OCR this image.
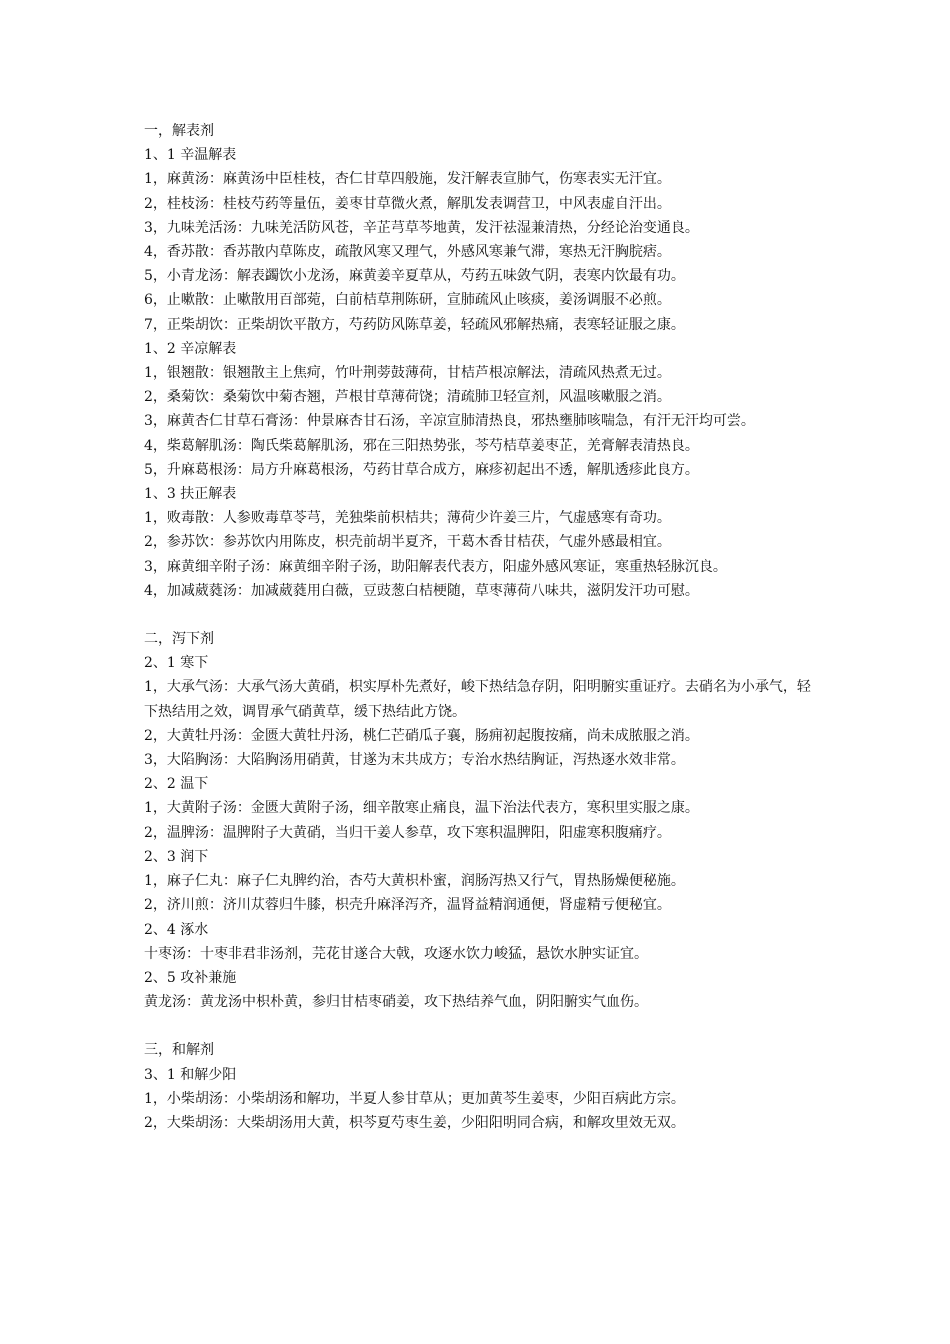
一，解表剂
1、1 辛温解表
1，麻黄汤：麻黄汤中臣桂枝，杏仁甘草四般施，发汗解表宣肺气，伤寒表实无汗宜。
2，桂枝汤：桂枝芍药等量伍，姜枣甘草微火煮，解肌发表调营卫，中风表虚自汗出。
3，九味羌活汤：九味羌活防风苍，辛芷芎草芩地黄，发汗祛湿兼清热，分经论治变通良。
4，香苏散：香苏散内草陈皮，疏散风寒又理气，外感风寒兼气滞，寒热无汗胸脘痞。
5，小青龙汤：解表蠲饮小龙汤，麻黄姜辛夏草从，芍药五味敛气阴，表寒内饮最有功。
6，止嗽散：止嗽散用百部菀，白前桔草荆陈研，宣肺疏风止咳痰，姜汤调服不必煎。
7，正柴胡饮：正柴胡饮平散方，芍药防风陈草姜，轻疏风邪解热痛，表寒轻证服之康。
1、2 辛凉解表
1，银翘散：银翘散主上焦疴，竹叶荆蒡鼓薄荷，甘桔芦根凉解法，清疏风热煮无过。
2，桑菊饮：桑菊饮中菊杏翘，芦根甘草薄荷饶；清疏肺卫轻宣剂，风温咳嗽服之消。
3，麻黄杏仁甘草石膏汤：仲景麻杏甘石汤，辛凉宣肺清热良，邪热壅肺咳喘急，有汗无汗均可尝。
4，柴葛解肌汤：陶氏柴葛解肌汤，邪在三阳热势张，芩芍桔草姜枣芷，羌膏解表清热良。
5，升麻葛根汤：局方升麻葛根汤，芍药甘草合成方，麻疹初起出不透，解肌透疹此良方。
1、3 扶正解表
1，败毒散：人参败毒草苓芎，羌独柴前枳桔共；薄荷少许姜三片，气虚感寒有奇功。
2，参苏饮：参苏饮内用陈皮，枳壳前胡半夏齐，干葛木香甘桔茯，气虚外感最相宜。
3，麻黄细辛附子汤：麻黄细辛附子汤，助阳解表代表方，阳虚外感风寒证，寒重热轻脉沉良。
4，加减葳蕤汤：加减葳蕤用白薇，豆豉葱白桔梗随，草枣薄荷八味共，滋阴发汗功可慰。
二，泻下剂
2、1 寒下
1，大承气汤：大承气汤大黄硝，枳实厚朴先煮好，峻下热结急存阴，阳明腑实重证疗。去硝名为小承气，轻下热结用之效，调胃承气硝黄草，缓下热结此方饶。
2，大黄牡丹汤：金匮大黄牡丹汤，桃仁芒硝瓜子襄，肠痈初起腹按痛，尚未成脓服之消。
3，大陷胸汤：大陷胸汤用硝黄，甘遂为末共成方；专治水热结胸证，泻热逐水效非常。
2、2 温下
1，大黄附子汤：金匮大黄附子汤，细辛散寒止痛良，温下治法代表方，寒积里实服之康。
2，温脾汤：温脾附子大黄硝，当归干姜人参草，攻下寒积温脾阳，阳虚寒积腹痛疗。
2、3 润下
1，麻子仁丸：麻子仁丸脾约治，杏芍大黄枳朴蜜，润肠泻热又行气，胃热肠燥便秘施。
2，济川煎：济川苁蓉归牛膝，枳壳升麻泽泻齐，温肾益精润通便，肾虚精亏便秘宜。
2、4 涿水
十枣汤：十枣非君非汤剂，芫花甘遂合大戟，攻逐水饮力峻猛，悬饮水肿实证宜。
2、5 攻补兼施
黄龙汤：黄龙汤中枳朴黄，参归甘桔枣硝姜，攻下热结养气血，阴阳腑实气血伤。
三，和解剂
3、1 和解少阳
1，小柴胡汤：小柴胡汤和解功，半夏人参甘草从；更加黄芩生姜枣，少阳百病此方宗。
2，大柴胡汤：大柴胡汤用大黄，枳芩夏芍枣生姜，少阳阳明同合病，和解攻里效无双。
